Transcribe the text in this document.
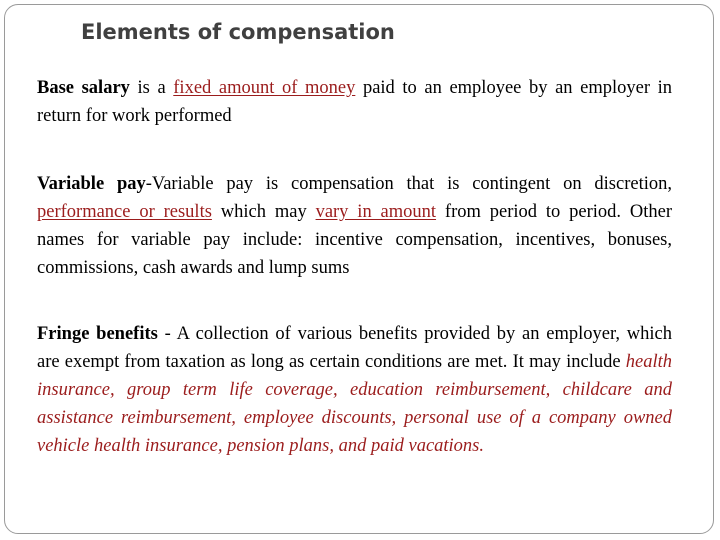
Elements of compensation

Base salary is a fixed amount of money paid to an employee by an employer in return for work performed

Variable pay-Variable pay is compensation that is contingent on discretion, performance or results which may vary in amount from period to period. Other names for variable pay include: incentive compensation, incentives, bonuses, commissions, cash awards and lump sums

Fringe benefits - A collection of various benefits provided by an employer, which are exempt from taxation as long as certain conditions are met. It may include health insurance, group term life coverage, education reimbursement, childcare and assistance reimbursement, employee discounts, personal use of a company owned vehicle health insurance, pension plans, and paid vacations.
